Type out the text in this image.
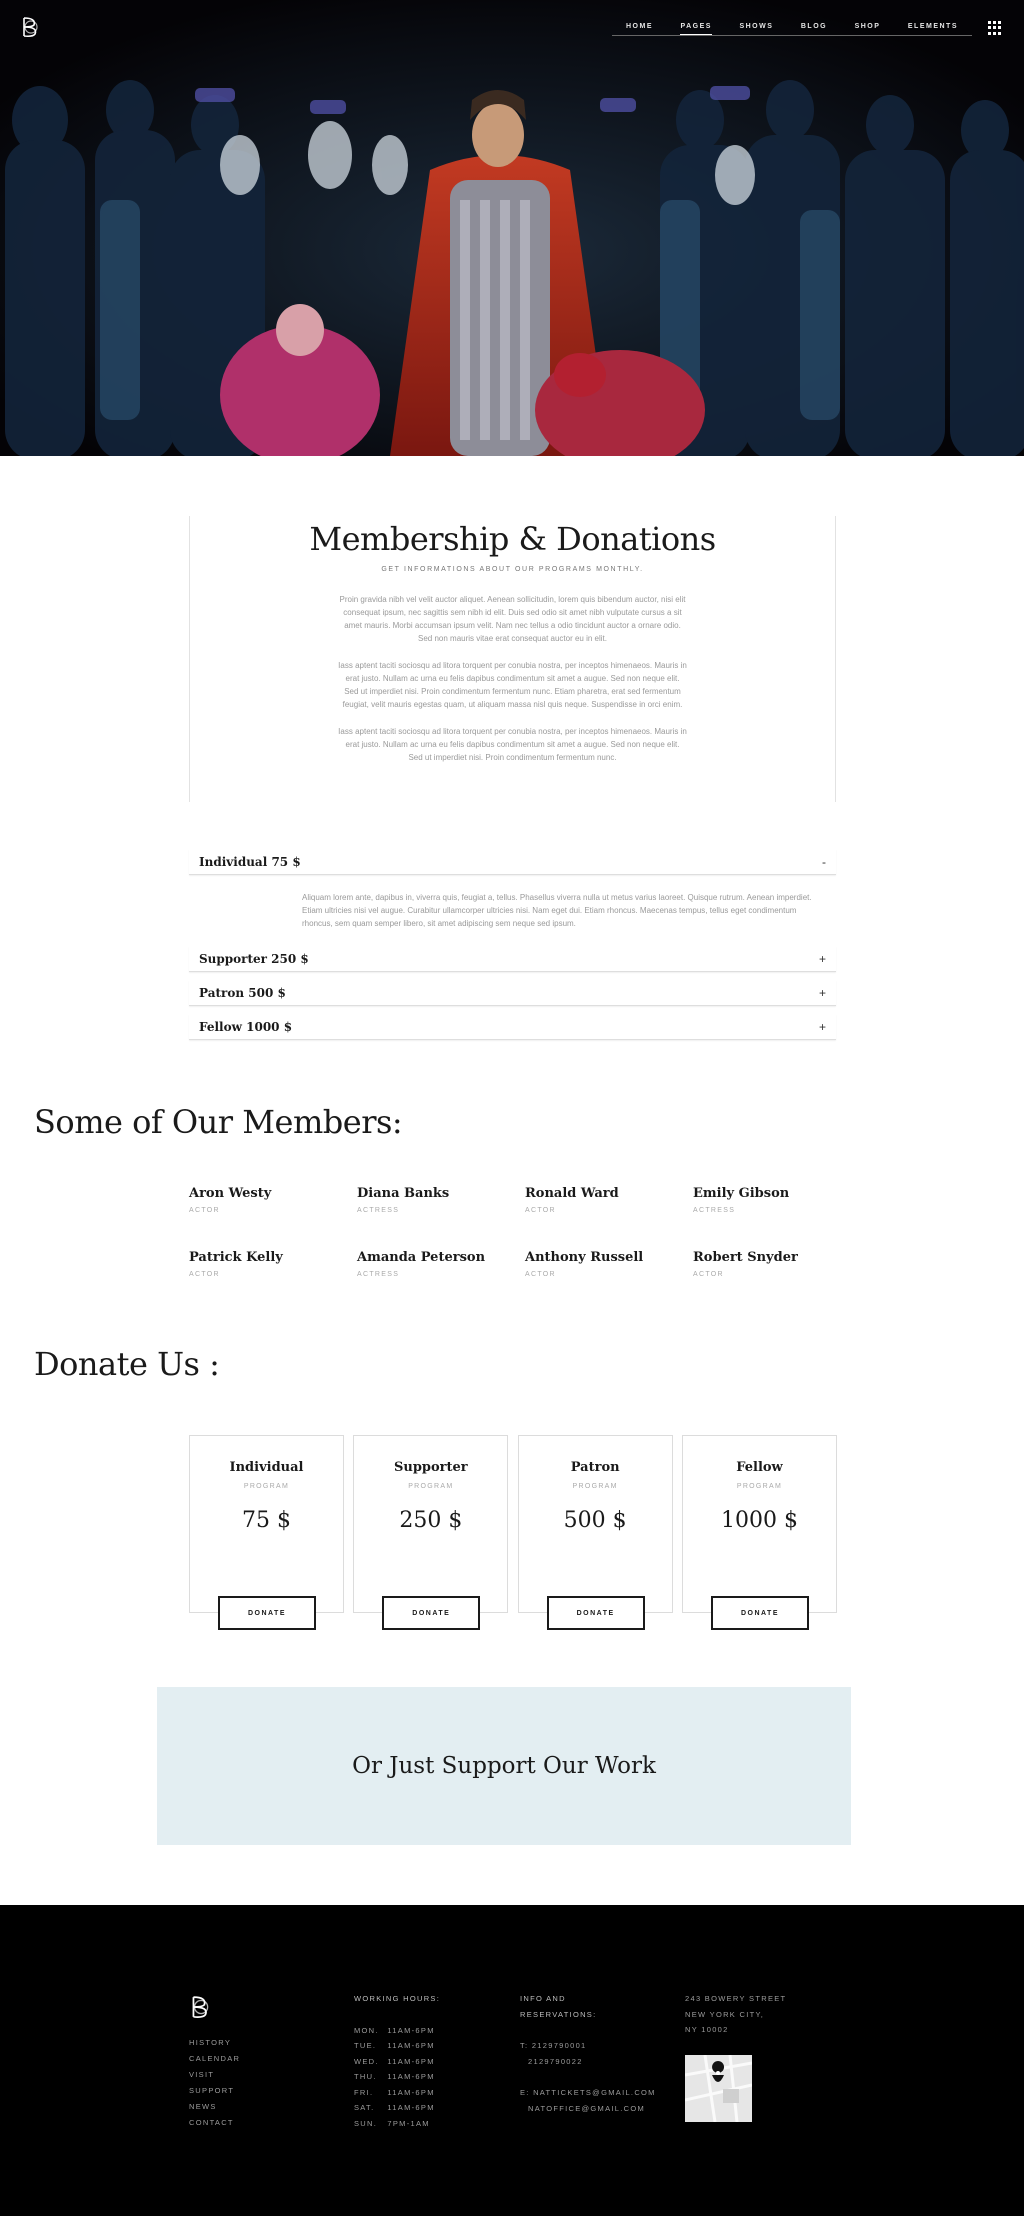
HOME	PAGES	SHOWS	BLOG	SHOP	ELEMENTS
Membership & Donations
GET INFORMATIONS ABOUT OUR PROGRAMS MONTHLY.

Proin gravida nibh vel velit auctor aliquet. Aenean sollicitudin, lorem quis bibendum auctor, nisi elit consequat ipsum, nec sagittis sem nibh id elit. Duis sed odio sit amet nibh vulputate cursus a sit amet mauris. Morbi accumsan ipsum velit. Nam nec tellus a odio tincidunt auctor a ornare odio. Sed non mauris vitae erat consequat auctor eu in elit.

Iass aptent taciti sociosqu ad litora torquent per conubia nostra, per inceptos himenaeos. Mauris in erat justo. Nullam ac urna eu felis dapibus condimentum sit amet a augue. Sed non neque elit. Sed ut imperdiet nisi. Proin condimentum fermentum nunc. Etiam pharetra, erat sed fermentum feugiat, velit mauris egestas quam, ut aliquam massa nisl quis neque. Suspendisse in orci enim.

Iass aptent taciti sociosqu ad litora torquent per conubia nostra, per inceptos himenaeos. Mauris in erat justo. Nullam ac urna eu felis dapibus condimentum sit amet a augue. Sed non neque elit. Sed ut imperdiet nisi. Proin condimentum fermentum nunc.

Individual 75 $	-
Aliquam lorem ante, dapibus in, viverra quis, feugiat a, tellus. Phasellus viverra nulla ut metus varius laoreet. Quisque rutrum. Aenean imperdiet. Etiam ultricies nisi vel augue. Curabitur ullamcorper ultricies nisi. Nam eget dui. Etiam rhoncus. Maecenas tempus, tellus eget condimentum rhoncus, sem quam semper libero, sit amet adipiscing sem neque sed ipsum.
Supporter 250 $	+
Patron 500 $	+
Fellow 1000 $	+
Some of Our Members:
Aron Westy
ACTOR
Diana Banks
ACTRESS
Ronald Ward
ACTOR
Emily Gibson
ACTRESS
Patrick Kelly
ACTOR
Amanda Peterson
ACTRESS
Anthony Russell
ACTOR
Robert Snyder
ACTOR
Donate Us :
Individual
PROGRAM
75 $
DONATE
Supporter
PROGRAM
250 $
DONATE
Patron
PROGRAM
500 $
DONATE
Fellow
PROGRAM
1000 $
DONATE
Or Just Support Our Work
HISTORY
CALENDAR
VISIT
SUPPORT
NEWS
CONTACT
WORKING HOURS:
MON. 11AM-6PM
TUE. 11AM-6PM
WED. 11AM-6PM
THU. 11AM-6PM
FRI. 11AM-6PM
SAT. 11AM-6PM
SUN. 7PM-1AM
INFO AND
RESERVATIONS:
T: 2129790001
2129790022
E: NATTICKETS@GMAIL.COM
NATOFFICE@GMAIL.COM
243 BOWERY STREET
NEW YORK CITY,
NY 10002
